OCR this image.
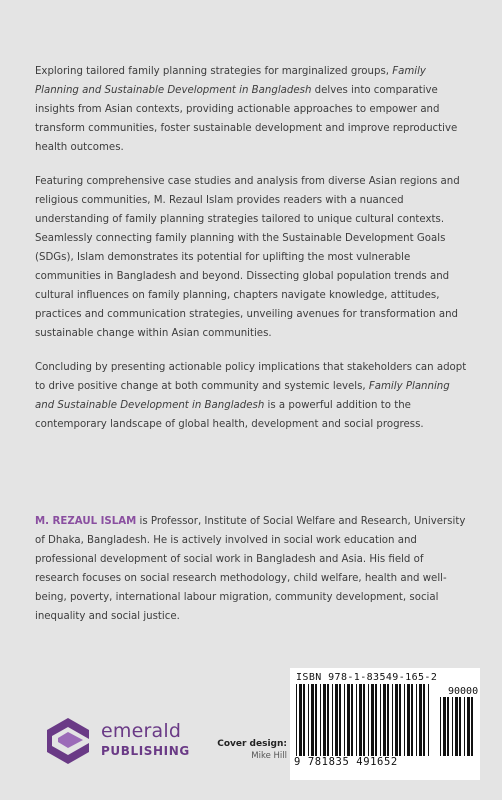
Exploring tailored family planning strategies for marginalized groups, Family Planning and Sustainable Development in Bangladesh delves into comparative insights from Asian contexts, providing actionable approaches to empower and transform communities, foster sustainable development and improve reproductive health outcomes.

Featuring comprehensive case studies and analysis from diverse Asian regions and religious communities, M. Rezaul Islam provides readers with a nuanced understanding of family planning strategies tailored to unique cultural contexts. Seamlessly connecting family planning with the Sustainable Development Goals (SDGs), Islam demonstrates its potential for uplifting the most vulnerable communities in Bangladesh and beyond. Dissecting global population trends and cultural influences on family planning, chapters navigate knowledge, attitudes, practices and communication strategies, unveiling avenues for transformation and sustainable change within Asian communities.

Concluding by presenting actionable policy implications that stakeholders can adopt to drive positive change at both community and systemic levels, Family Planning and Sustainable Development in Bangladesh is a powerful addition to the contemporary landscape of global health, development and social progress.

M. REZAUL ISLAM is Professor, Institute of Social Welfare and Research, University of Dhaka, Bangladesh. He is actively involved in social work education and professional development of social work in Bangladesh and Asia. His field of research focuses on social research methodology, child welfare, health and well-being, poverty, international labour migration, community development, social inequality and social justice.

emerald
PUBLISHING	Cover design:
Mike Hill
ISBN 978-1-83549-165-2
90000
9 781835 491652
